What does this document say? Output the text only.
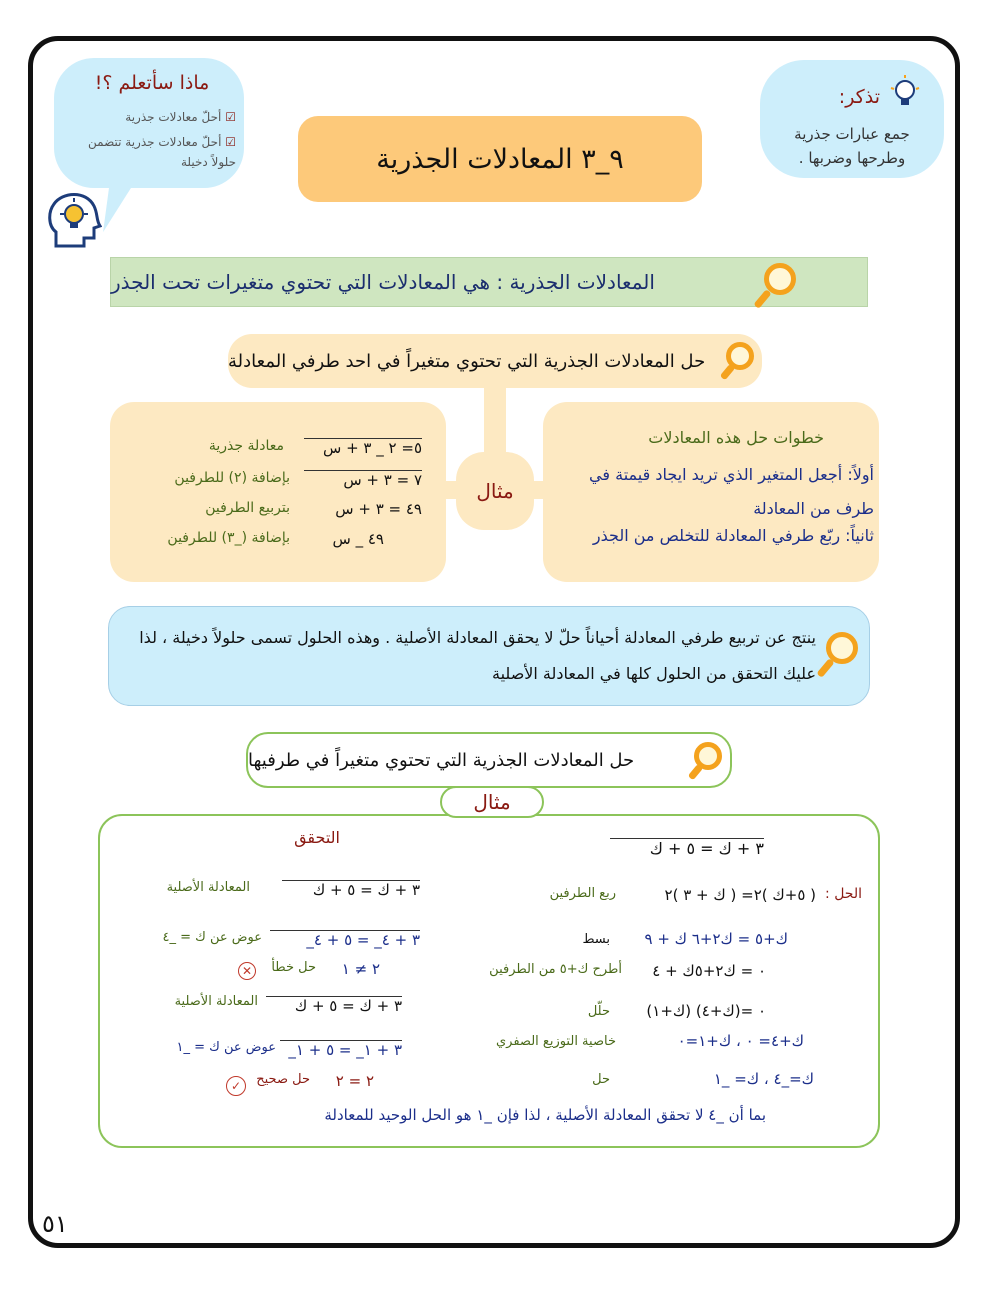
ماذا سأتعلم ؟!
☑ أحلّ معادلات جذرية
☑ أحلّ معادلات جذرية تتضمن حلولاً دخيلة
تذكر:
جمع عبارات جذرية وطرحها وضربها .
٩_٣ المعادلات الجذرية
المعادلات الجذرية : هي المعادلات التي تحتوي متغيرات تحت الجذر
حل المعادلات الجذرية التي تحتوي متغيراً في احد طرفي المعادلة
مثال
خطوات حل هذه المعادلات
أولاً: أجعل المتغير الذي تريد ايجاد قيمتة في طرف من المعادلة
ثانياً: ربّع طرفي المعادلة للتخلص من الجذر
٥= ٢ _ ٣ + س
معادلة جذرية
٧ = ٣ + س
بإضافة (٢) للطرفين
٤٩ = ٣ + س
بتربيع الطرفين
٤٩ _ س
بإضافة (_٣) للطرفين
ينتج عن تربيع طرفي المعادلة أحياناً حلّ لا يحقق المعادلة الأصلية . وهذه الحلول تسمى حلولاً دخيلة ، لذا عليك التحقق من الحلول كلها في المعادلة الأصلية
حل المعادلات الجذرية التي تحتوي متغيراً في طرفيها
مثال
٣ + ك = ٥ + ك
التحقق
الحل :
( ٥+ك )٢= ( ك + ٣ )٢
ربع الطرفين
ك+٥ = ك٢+٦ ك + ٩
بسط
٠ = ك٢+٥ك + ٤
أطرح ك+٥ من الطرفين
٠ =(ك+٤) (ك+١)
حلّل
ك+٤= ٠ ، ك+١=٠
خاصية التوزيع الصفري
ك=_٤ ، ك= _١
حل
٣ + ك = ٥ + ك
المعادلة الأصلية
٣ + ٤_ = ٥ + ٤_
عوض عن ك = _٤
٢ ≠ ١
حل خطأ
✕
٣ + ك = ٥ + ك
المعادلة الأصلية
٣ + ١_ = ٥ + ١_
عوض عن ك = _١
٢ = ٢
حل صحيح
✓
بما أن _٤ لا تحقق المعادلة الأصلية ، لذا فإن _١ هو الحل الوحيد للمعادلة
٥١
